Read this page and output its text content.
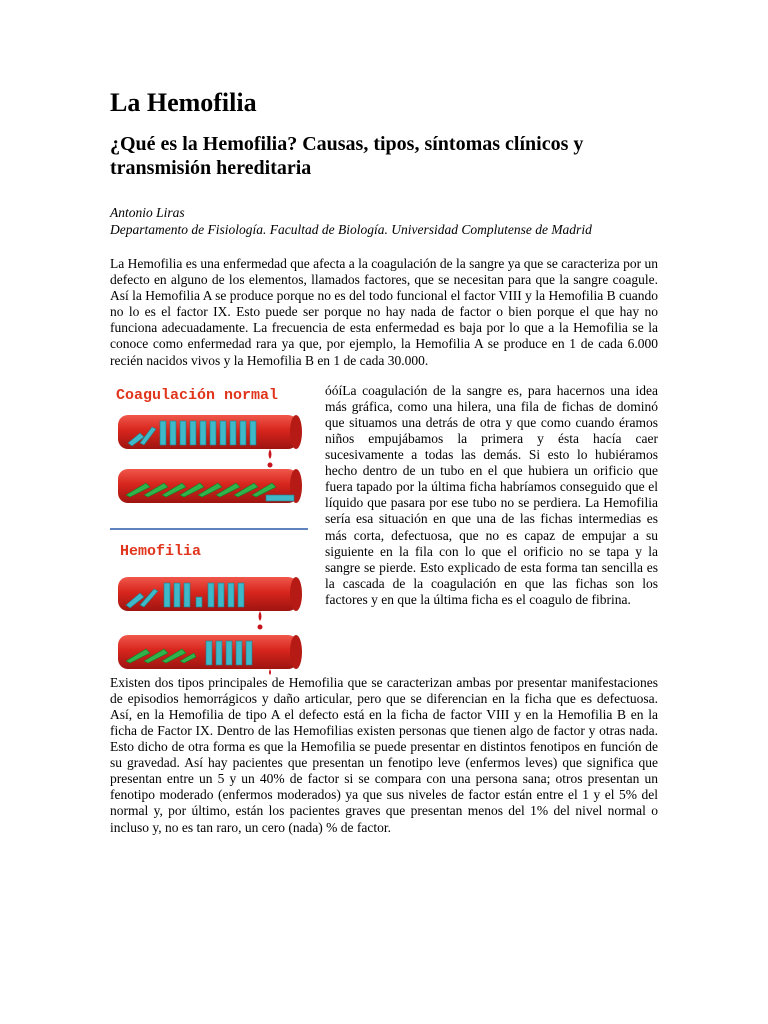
La Hemofilia
¿Qué es la Hemofilia? Causas, tipos, síntomas clínicos y transmisión hereditaria
Antonio Liras
Departamento de Fisiología. Facultad de Biología. Universidad Complutense de Madrid

La Hemofilia es una enfermedad que afecta a la coagulación de la sangre ya que se caracteriza por un defecto en alguno de los elementos, llamados factores, que se necesitan para que la sangre coagule. Así la Hemofilia A se produce porque no es del todo funcional el factor VIII y la Hemofilia B cuando no lo es el factor IX. Esto puede ser porque no hay nada de factor o bien porque el que hay no funciona adecuadamente. La frecuencia de esta enfermedad es baja por lo que a la Hemofilia se la conoce como enfermedad rara ya que, por ejemplo, la Hemofilia A se produce en 1 de cada 6.000 recién nacidos vivos y la Hemofilia B en 1 de cada 30.000.

Coagulación normal
Hemofilia

óóíLa coagulación de la sangre es, para hacernos una idea más gráfica, como una hilera, una fila de fichas de dominó que situamos una detrás de otra y que como cuando éramos niños empujábamos la primera y ésta hacía caer sucesivamente a todas las demás. Si esto lo hubiéramos hecho dentro de un tubo en el que hubiera un orificio que fuera tapado por la última ficha habríamos conseguido que el líquido que pasara por ese tubo no se perdiera. La Hemofilia sería esa situación en que una de las fichas intermedias es más corta, defectuosa, que no es capaz de empujar a su siguiente en la fila con lo que el orificio no se tapa y la sangre se pierde. Esto explicado de esta forma tan sencilla es la cascada de la coagulación en que las fichas son los factores y en que la última ficha es el coagulo de fibrina.

Existen dos tipos principales de Hemofilia que se caracterizan ambas por presentar manifestaciones de episodios hemorrágicos y daño articular, pero que se diferencian en la ficha que es defectuosa. Así, en la Hemofilia de tipo A el defecto está en la ficha de factor VIII y en la Hemofilia B en la ficha de Factor IX. Dentro de las Hemofilias existen personas que tienen algo de factor y otras nada. Esto dicho de otra forma es que la Hemofilia se puede presentar en distintos fenotipos en función de su gravedad. Así hay pacientes que presentan un fenotipo leve (enfermos leves) que significa que presentan entre un 5 y un 40% de factor si se compara con una persona sana; otros presentan un fenotipo moderado (enfermos moderados) ya que sus niveles de factor están entre el 1 y el 5% del normal y, por último, están los pacientes graves que presentan menos del 1% del nivel normal o incluso y, no es tan raro, un cero (nada) % de factor.
